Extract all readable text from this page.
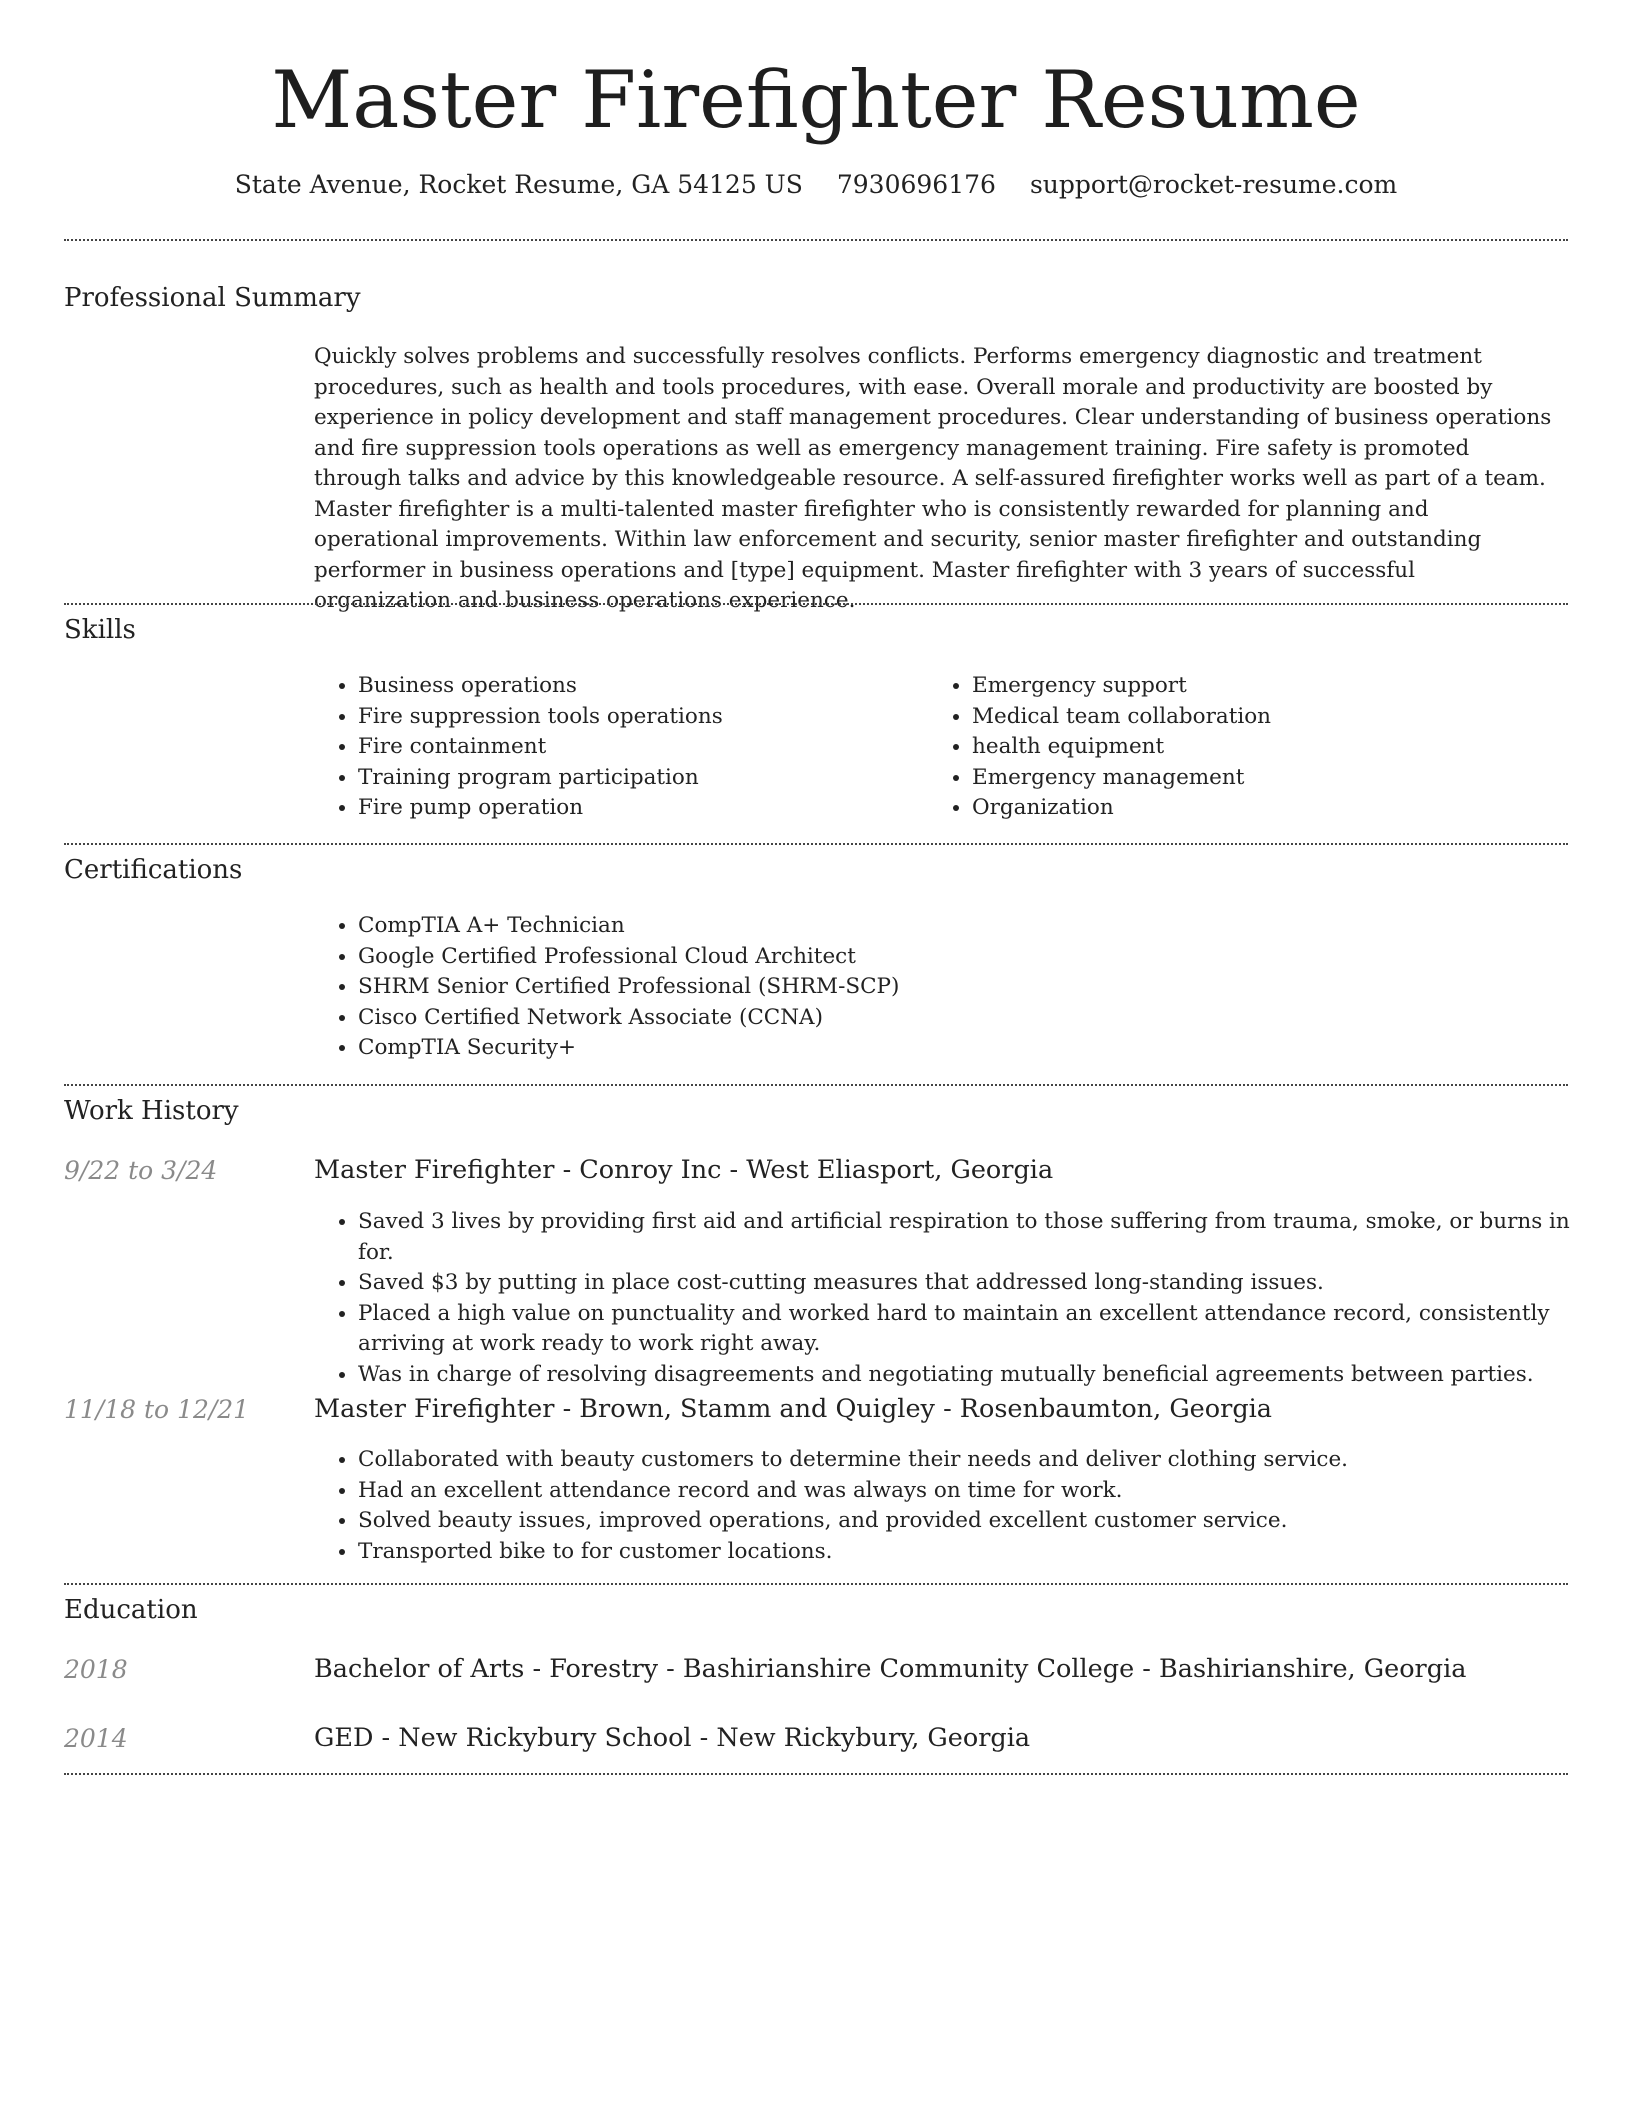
Master Firefighter Resume
State Avenue, Rocket Resume, GA 54125 US 7930696176 support@rocket-resume.com
Professional Summary

Quickly solves problems and successfully resolves conflicts. Performs emergency diagnostic and treatment procedures, such as health and tools procedures, with ease. Overall morale and productivity are boosted by experience in policy development and staff management procedures. Clear understanding of business operations and fire suppression tools operations as well as emergency management training. Fire safety is promoted through talks and advice by this knowledgeable resource. A self-assured firefighter works well as part of a team. Master firefighter is a multi-talented master firefighter who is consistently rewarded for planning and operational improvements. Within law enforcement and security, senior master firefighter and outstanding performer in business operations and [type] equipment. Master firefighter with 3 years of successful organization and business operations experience.

Skills
• Business operations
• Fire suppression tools operations
• Fire containment
• Training program participation
• Fire pump operation
• Emergency support
• Medical team collaboration
• health equipment
• Emergency management
• Organization
Certifications
• CompTIA A+ Technician
• Google Certified Professional Cloud Architect
• SHRM Senior Certified Professional (SHRM-SCP)
• Cisco Certified Network Associate (CCNA)
• CompTIA Security+
Work History
9/22 to 3/24	Master Firefighter - Conroy Inc - West Eliasport, Georgia
• Saved 3 lives by providing first aid and artificial respiration to those suffering from trauma, smoke, or burns in for.
• Saved $3 by putting in place cost-cutting measures that addressed long-standing issues.
• Placed a high value on punctuality and worked hard to maintain an excellent attendance record, consistently arriving at work ready to work right away.
• Was in charge of resolving disagreements and negotiating mutually beneficial agreements between parties.
11/18 to 12/21	Master Firefighter - Brown, Stamm and Quigley - Rosenbaumton, Georgia
• Collaborated with beauty customers to determine their needs and deliver clothing service.
• Had an excellent attendance record and was always on time for work.
• Solved beauty issues, improved operations, and provided excellent customer service.
• Transported bike to for customer locations.
Education
2018	Bachelor of Arts - Forestry - Bashirianshire Community College - Bashirianshire, Georgia
2014	GED - New Rickybury School - New Rickybury, Georgia
